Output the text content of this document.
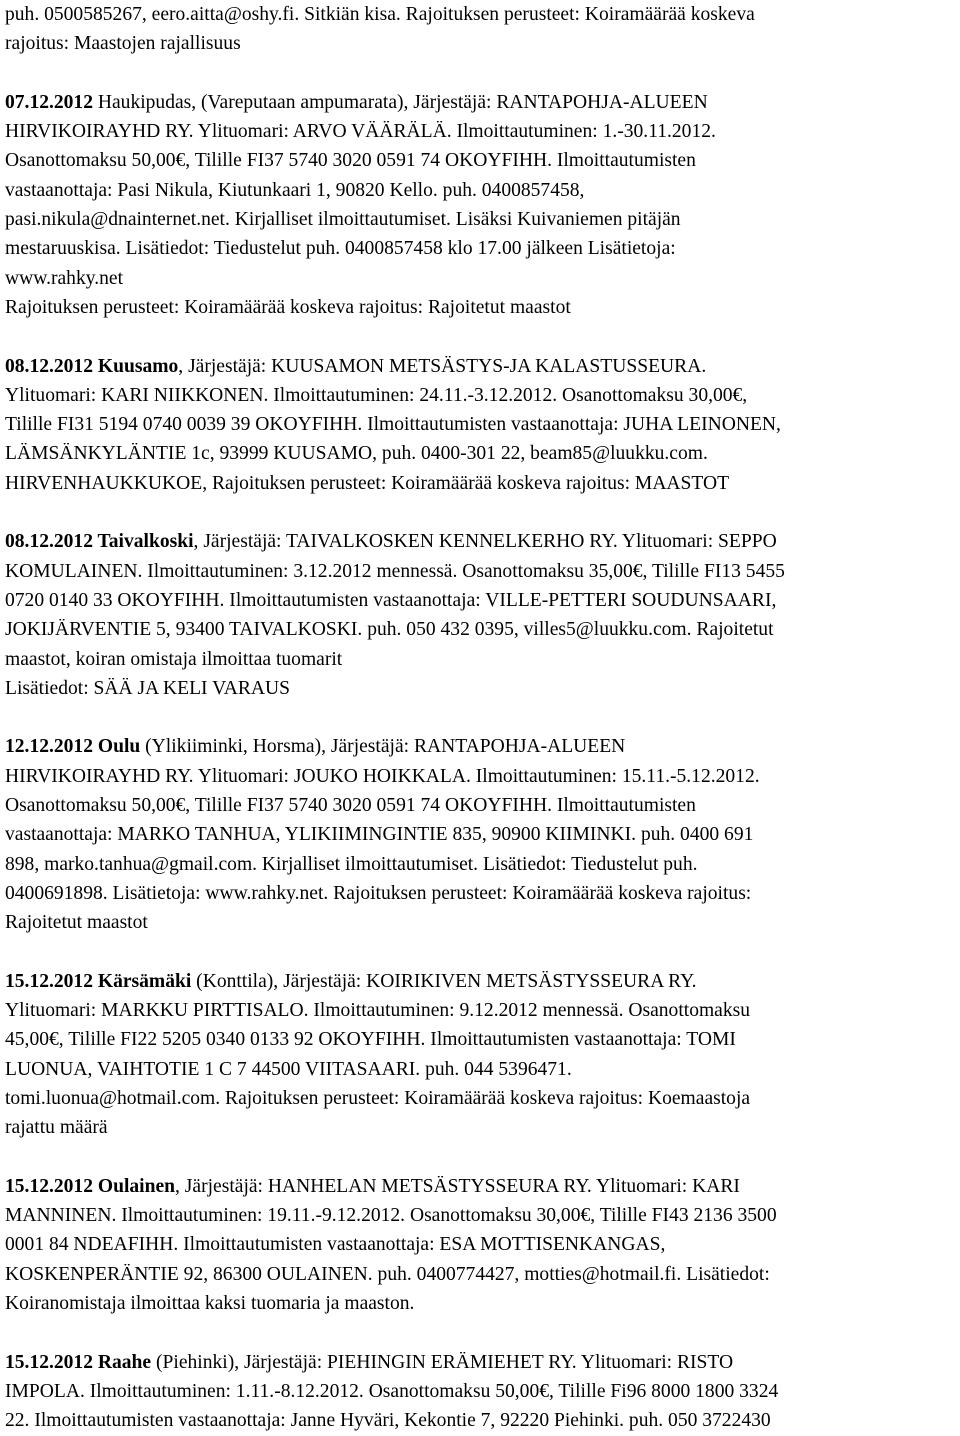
puh. 0500585267, eero.aitta@oshy.fi. Sitkiän kisa. Rajoituksen perusteet: Koiramäärää koskeva
rajoitus: Maastojen rajallisuus
07.12.2012 Haukipudas, (Vareputaan ampumarata), Järjestäjä: RANTAPOHJA-ALUEEN
HIRVIKOIRAYHD RY. Ylituomari: ARVO VÄÄRÄLÄ. Ilmoittautuminen: 1.-30.11.2012.
Osanottomaksu 50,00€, Tilille FI37 5740 3020 0591 74 OKOYFIHH. Ilmoittautumisten
vastaanottaja: Pasi Nikula, Kiutunkaari 1, 90820 Kello. puh. 0400857458,
pasi.nikula@dnainternet.net. Kirjalliset ilmoittautumiset. Lisäksi Kuivaniemen pitäjän
mestaruuskisa. Lisätiedot: Tiedustelut puh. 0400857458 klo 17.00 jälkeen Lisätietoja:
www.rahky.net
Rajoituksen perusteet: Koiramäärää koskeva rajoitus: Rajoitetut maastot
08.12.2012 Kuusamo, Järjestäjä: KUUSAMON METSÄSTYS-JA KALASTUSSEURA.
Ylituomari: KARI NIIKKONEN. Ilmoittautuminen: 24.11.-3.12.2012. Osanottomaksu 30,00€,
Tilille FI31 5194 0740 0039 39 OKOYFIHH. Ilmoittautumisten vastaanottaja: JUHA LEINONEN,
LÄMSÄNKYLÄNTIE 1c, 93999 KUUSAMO, puh. 0400-301 22, beam85@luukku.com.
HIRVENHAUKKUKOE, Rajoituksen perusteet: Koiramäärää koskeva rajoitus: MAASTOT
08.12.2012 Taivalkoski, Järjestäjä: TAIVALKOSKEN KENNELKERHO RY. Ylituomari: SEPPO
KOMULAINEN. Ilmoittautuminen: 3.12.2012 mennessä. Osanottomaksu 35,00€, Tilille FI13 5455
0720 0140 33 OKOYFIHH. Ilmoittautumisten vastaanottaja: VILLE-PETTERI SOUDUNSAARI,
JOKIJÄRVENTIE 5, 93400 TAIVALKOSKI. puh. 050 432 0395, villes5@luukku.com. Rajoitetut
maastot, koiran omistaja ilmoittaa tuomarit
Lisätiedot: SÄÄ JA KELI VARAUS
12.12.2012 Oulu (Ylikiiminki, Horsma), Järjestäjä: RANTAPOHJA-ALUEEN
HIRVIKOIRAYHD RY. Ylituomari: JOUKO HOIKKALA. Ilmoittautuminen: 15.11.-5.12.2012.
Osanottomaksu 50,00€, Tilille FI37 5740 3020 0591 74 OKOYFIHH. Ilmoittautumisten
vastaanottaja: MARKO TANHUA, YLIKIIMINGINTIE 835, 90900 KIIMINKI. puh. 0400 691
898, marko.tanhua@gmail.com. Kirjalliset ilmoittautumiset. Lisätiedot: Tiedustelut puh.
0400691898. Lisätietoja: www.rahky.net. Rajoituksen perusteet: Koiramäärää koskeva rajoitus:
Rajoitetut maastot
15.12.2012 Kärsämäki (Konttila), Järjestäjä: KOIRIKIVEN METSÄSTYSSEURA RY.
Ylituomari: MARKKU PIRTTISALO. Ilmoittautuminen: 9.12.2012 mennessä. Osanottomaksu
45,00€, Tilille FI22 5205 0340 0133 92 OKOYFIHH. Ilmoittautumisten vastaanottaja: TOMI
LUONUA, VAIHTOTIE 1 C 7 44500 VIITASAARI. puh. 044 5396471.
tomi.luonua@hotmail.com. Rajoituksen perusteet: Koiramäärää koskeva rajoitus: Koemaastoja
rajattu määrä
15.12.2012 Oulainen, Järjestäjä: HANHELAN METSÄSTYSSEURA RY. Ylituomari: KARI
MANNINEN. Ilmoittautuminen: 19.11.-9.12.2012. Osanottomaksu 30,00€, Tilille FI43 2136 3500
0001 84 NDEAFIHH. Ilmoittautumisten vastaanottaja: ESA MOTTISENKANGAS,
KOSKENPERÄNTIE 92, 86300 OULAINEN. puh. 0400774427, motties@hotmail.fi. Lisätiedot:
Koiranomistaja ilmoittaa kaksi tuomaria ja maaston.
15.12.2012 Raahe (Piehinki), Järjestäjä: PIEHINGIN ERÄMIEHET RY. Ylituomari: RISTO
IMPOLA. Ilmoittautuminen: 1.11.-8.12.2012. Osanottomaksu 50,00€, Tilille Fi96 8000 1800 3324
22. Ilmoittautumisten vastaanottaja: Janne Hyväri, Kekontie 7, 92220 Piehinki. puh. 050 3722430
